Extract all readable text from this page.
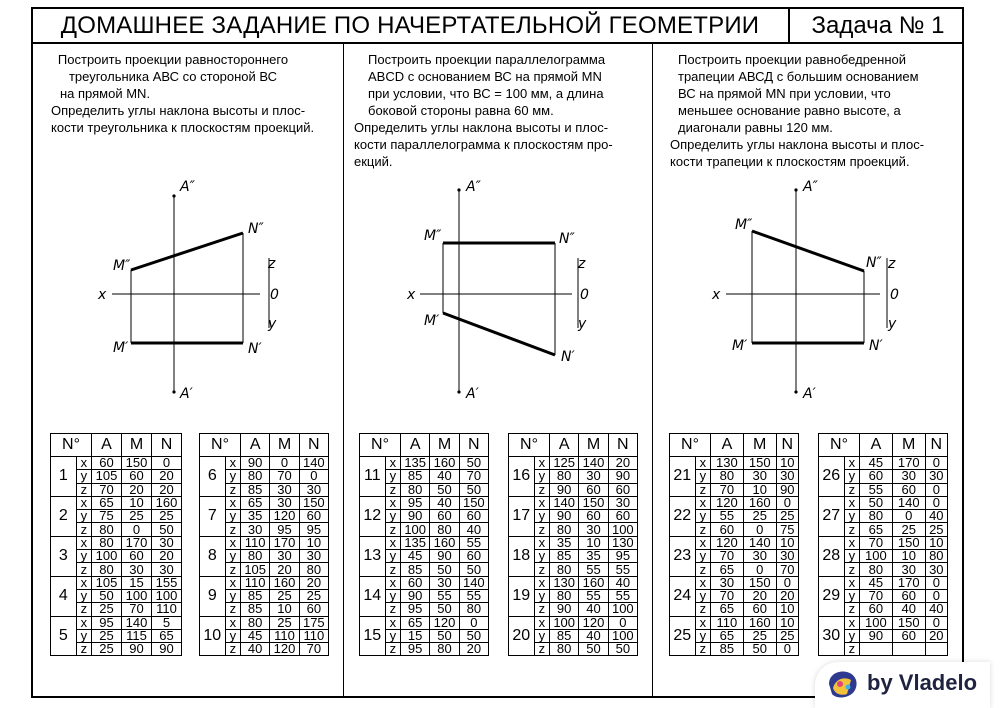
ДОМАШНЕЕ ЗАДАНИЕ ПО НАЧЕРТАТЕЛЬНОЙ ГЕОМЕТРИИ	Задача № 1
Построить проекции равностороннего
треугольника АВС со стороной ВС
на прямой MN.
Определить углы наклона высоты и плос-
кости треугольника к плоскостям проекций.
Построить проекции параллелограмма
ABCD с основанием ВС на прямой MN
при условии, что ВС = 100 мм, а длина
боковой стороны равна 60 мм.
Определить углы наклона высоты и плос-
кости параллелограмма к плоскостям про-
екций.
Построить проекции равнобедренной
трапеции АВСД с большим основанием
ВС на прямой MN при условии, что
меньшее основание равно высоте, а
диагонали равны 120 мм.
Определить углы наклона высоты и плос-
кости трапеции к плоскостям проекций.
A″
A′
M″
M′
N″
N′
x	0
z
y
A″
A′
M″
M′
N″
N′
x	0
z
y
A″
A′
M″
M′
N″
N′
x	0
z
y
N°		A	M	N
1	x	60	150	0
	y	105	60	20
	z	70	20	20
2	x	65	10	160
	y	75	25	25
	z	80	0	50
3	x	80	170	30
	y	100	60	20
	z	80	30	30
4	x	105	15	155
	y	50	100	100
	z	25	70	110
5	x	95	140	5
	y	25	115	65
	z	25	90	90
N°		A	M	N
6	x	90	0	140
	y	80	70	0
	z	85	30	30
7	x	65	30	150
	y	35	120	60
	z	30	95	95
8	x	110	170	10
	y	80	30	30
	z	105	20	80
9	x	110	160	20
	y	85	25	25
	z	85	10	60
10	x	80	25	175
	y	45	110	110
	z	40	120	70
N°		A	M	N
11	x	135	160	50
	y	85	40	70
	z	80	50	50
12	x	95	40	150
	y	90	60	60
	z	100	80	40
13	x	135	160	55
	y	45	90	60
	z	85	50	50
14	x	60	30	140
	y	90	55	55
	z	95	50	80
15	x	65	120	0
	y	15	50	50
	z	95	80	20
N°		A	M	N
16	x	125	140	20
	y	80	30	90
	z	90	60	60
17	x	140	150	30
	y	90	60	60
	z	80	30	100
18	x	35	10	130
	y	85	35	95
	z	80	55	55
19	x	130	160	40
	y	80	55	55
	z	90	40	100
20	x	100	120	0
	y	85	40	100
	z	80	50	50
N°		A	M	N
21	x	130	150	10
	y	80	30	30
	z	70	10	90
22	x	120	160	0
	y	55	25	25
	z	60	0	75
23	x	120	140	10
	y	70	30	30
	z	65	0	70
24	x	30	150	0
	y	70	20	20
	z	65	60	10
25	x	110	160	10
	y	65	25	25
	z	85	50	0
N°		A	M	N
26	x	45	170	0
	y	60	30	30
	z	55	60	0
27	x	50	140	0
	y	80	0	40
	z	65	25	25
28	x	70	150	10
	y	100	10	80
	z	80	30	30
29	x	45	170	0
	y	70	60	0
	z	60	40	40
30	x	100	150	0
	y	90	60	20
	z			
by Vladelo
